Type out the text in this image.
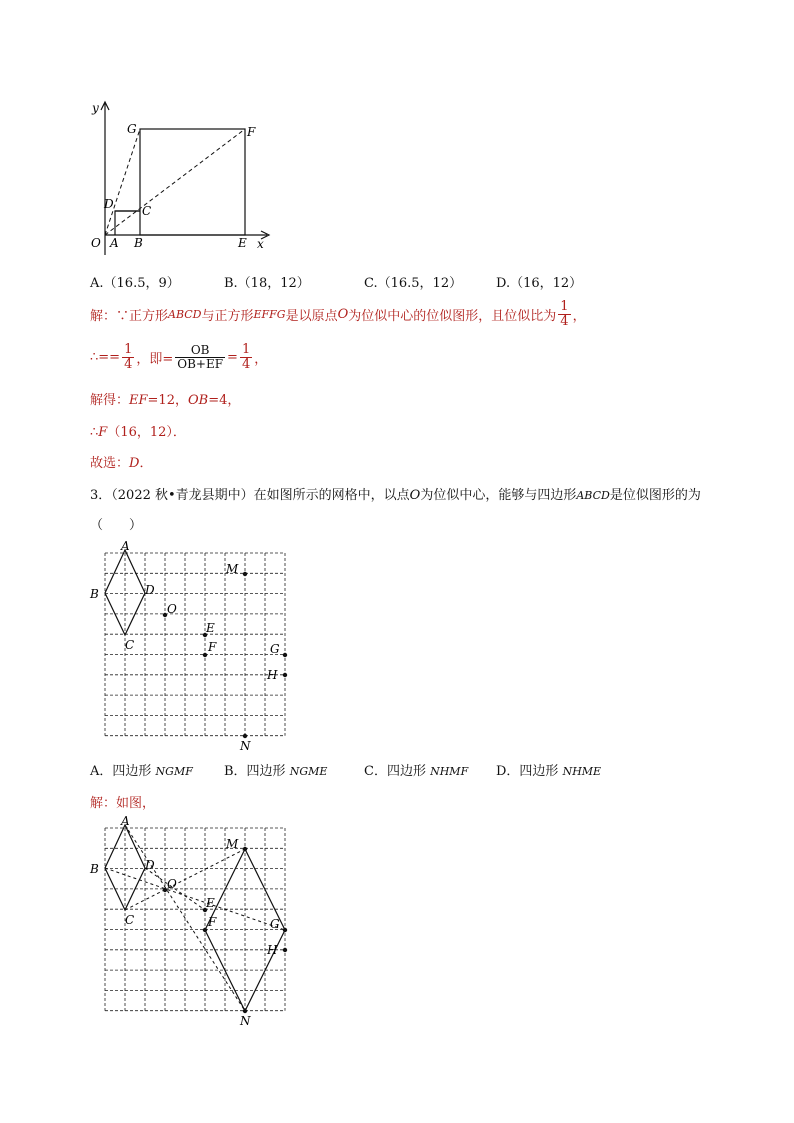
y
x
O A B	E
C
D
G	F
A.（16.5，9）	B.（18，12）	C.（16.5，12）	D.（16，12）
解：∵正方形 ABCD 与正方形 EFFG 是以原点 O 为位似中心的位似图形，且位似比为 $\frac{1}{4}$ ，
∴== $\frac{1}{4}$ ，即= $\frac{OB}{OB+EF} = \frac{1}{4}$ ，
解得：EF=12，OB=4，
∴F（16，12）．
故选：D．
3．（2022 秋•青龙县期中）在如图所示的网格中，以点O为位似中心，能够与四边形ABCD是位似图形的为
（　　）
A
B
C
D
O
M
E
F	G
H
N
A．四边形 NGMF B．四边形 NGME	C．四边形 NHMF D．四边形 NHME
解：如图，
A
B
C
D
O
M
E
F	G
H
N
